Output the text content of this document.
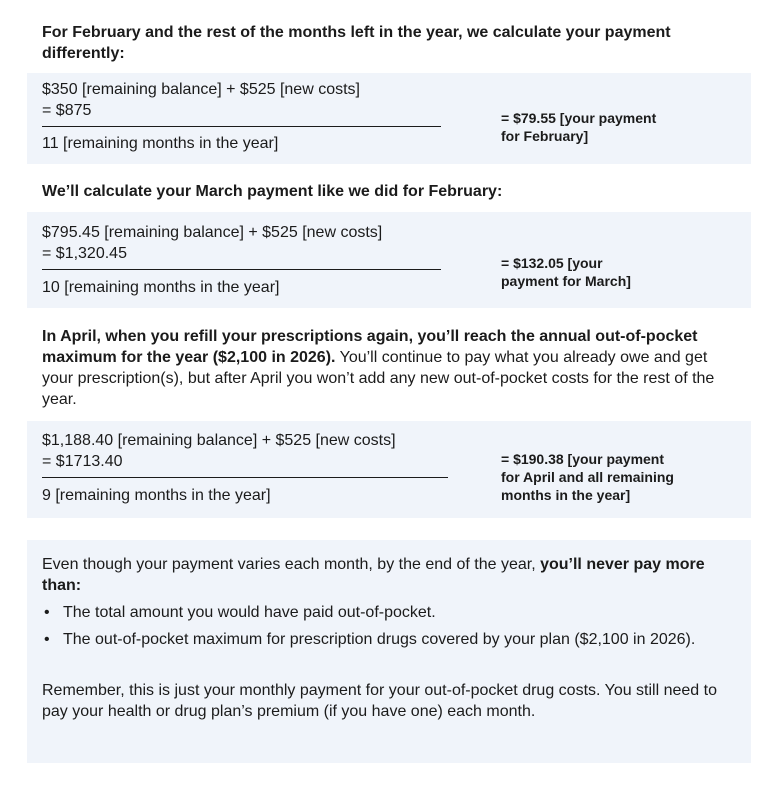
For February and the rest of the months left in the year, we calculate your payment differently:
$350 [remaining balance] + $525 [new costs]
= $875
11 [remaining months in the year]
= $79.55 [your payment
for February]
We’ll calculate your March payment like we did for February:
$795.45 [remaining balance] + $525 [new costs]
= $1,320.45
10 [remaining months in the year]
= $132.05 [your
payment for March]

In April, when you refill your prescriptions again, you’ll reach the annual out-of-pocket maximum for the year ($2,100 in 2026). You’ll continue to pay what you already owe and get your prescription(s), but after April you won’t add any new out-of-pocket costs for the rest of the year.

$1,188.40 [remaining balance] + $525 [new costs]
= $1713.40
9 [remaining months in the year]
= $190.38 [your payment
for April and all remaining
months in the year]

Even though your payment varies each month, by the end of the year, you’ll never pay more than:

• The total amount you would have paid out-of-pocket.
• The out-of-pocket maximum for prescription drugs covered by your plan ($2,100 in 2026).

Remember, this is just your monthly payment for your out-of-pocket drug costs. You still need to pay your health or drug plan’s premium (if you have one) each month.
